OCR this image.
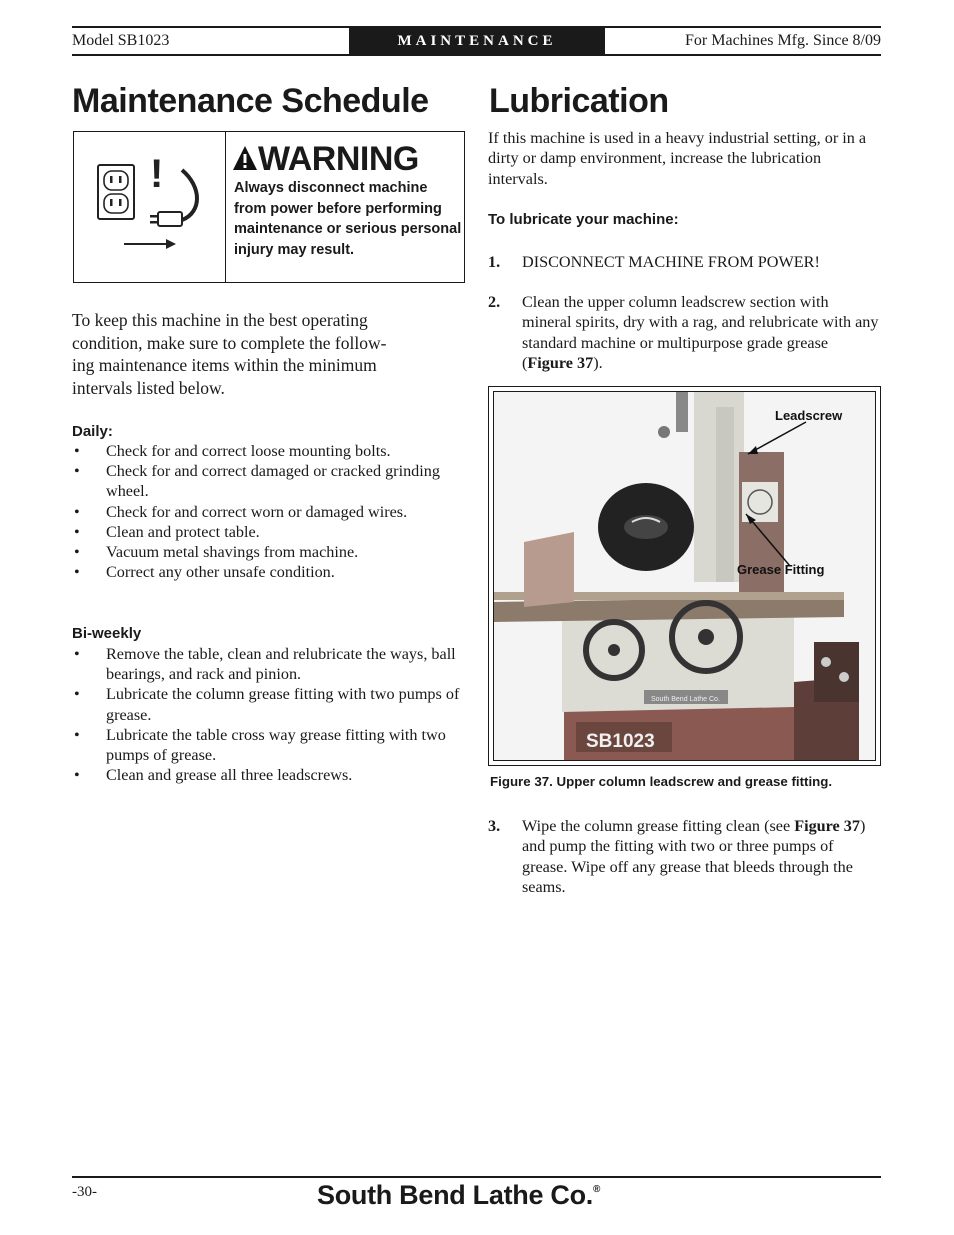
Model SB1023	MAINTENANCE	For Machines Mfg. Since 8/09
Maintenance Schedule
!	WARNING
Always disconnect machine from power before performing maintenance or serious personal injury may result.
To keep this machine in the best operating
condition, make sure to complete the follow-
ing maintenance items within the minimum
intervals listed below.
Daily:
• Check for and correct loose mounting bolts.
• Check for and correct damaged or cracked grinding wheel.
• Check for and correct worn or damaged wires.
• Clean and protect table.
• Vacuum metal shavings from machine.
• Correct any other unsafe condition.
Bi-weekly
• Remove the table, clean and relubricate the ways, ball bearings, and rack and pinion.
• Lubricate the column grease fitting with two pumps of grease.
• Lubricate the table cross way grease fitting with two pumps of grease.
• Clean and grease all three leadscrews.
Lubrication
If this machine is used in a heavy industrial setting, or in a dirty or damp environment, increase the lubrication intervals.
To lubricate your machine:
1. DISCONNECT MACHINE FROM POWER!
2. Clean the upper column leadscrew section with mineral spirits, dry with a rag, and relubricate with any standard machine or multipurpose grade grease (Figure 37).
SB1023
South Bend Lathe Co.
Leadscrew
Grease Fitting
Figure 37. Upper column leadscrew and grease fitting.
3. Wipe the column grease fitting clean (see Figure 37) and pump the fitting with two or three pumps of grease. Wipe off any grease that bleeds through the seams.
-30-	South Bend Lathe Co.®
